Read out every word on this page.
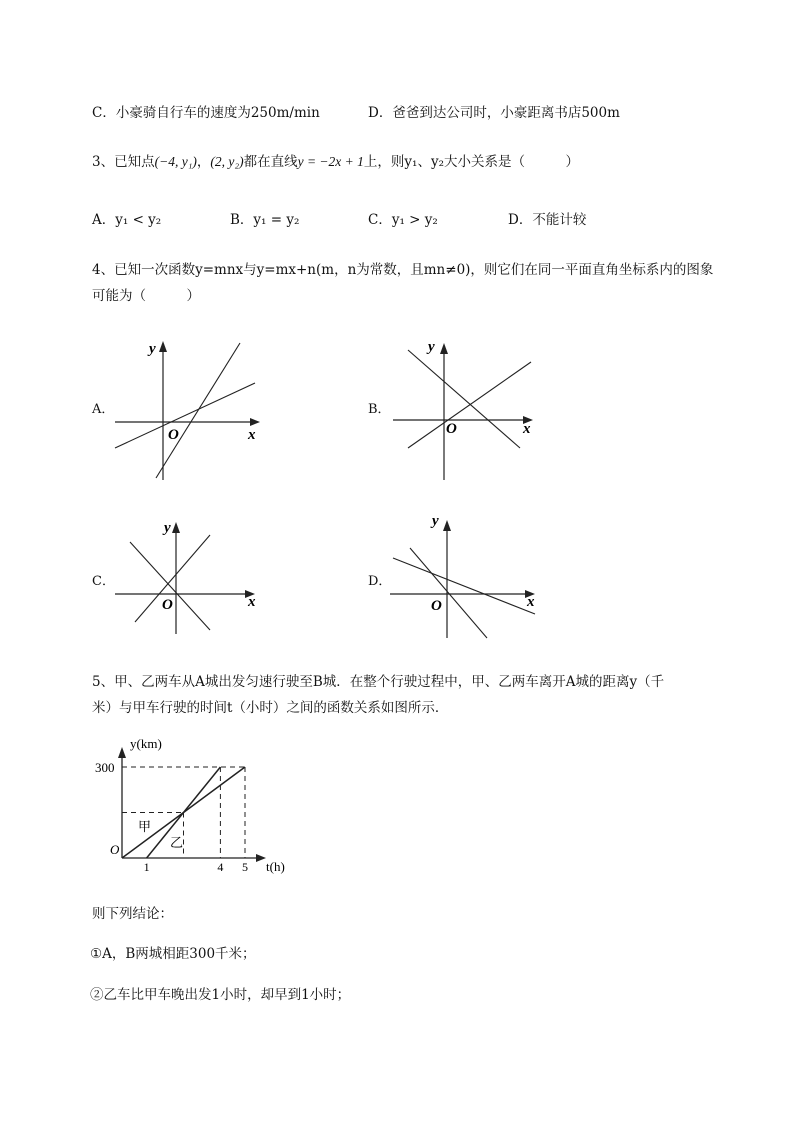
C．小豪骑自行车的速度为250m/min	D．爸爸到达公司时，小豪距离书店500m
3、已知点(−4, y₁)，(2, y₂)都在直线y = −2x + 1上，则y₁、y₂大小关系是（　　　）
A．y₁ < y₂	B．y₁ = y₂	C．y₁ > y₂	D．不能计较
4、已知一次函数y=mnx与y=mx+n(m，n为常数，且mn≠0)，则它们在同一平面直角坐标系内的图象
可能为（　　　）
A．
x
y
O
B．
x
y
O
C．
x
y
O
D．
x
y
O
5、甲、乙两车从A城出发匀速行驶至B城．在整个行驶过程中，甲、乙两车离开A城的距离y（千
米）与甲车行驶的时间t（小时）之间的函数关系如图所示．
y(km)
t(h)
300
O
1	4 5
甲
乙
则下列结论：
①A，B两城相距300千米；
②乙车比甲车晚出发1小时，却早到1小时；
